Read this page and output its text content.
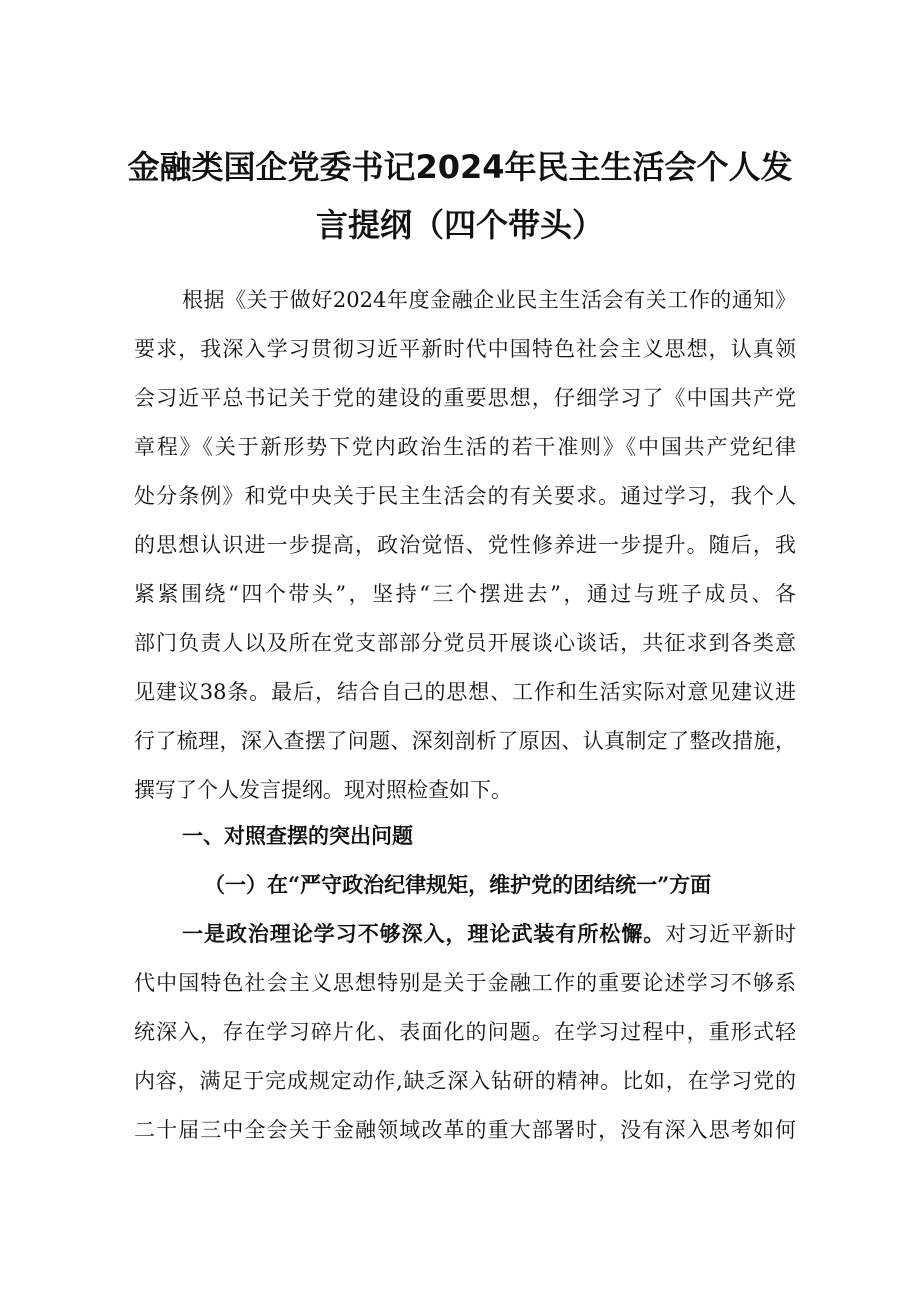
金融类国企党委书记2024年民主生活会个人发
言提纲（四个带头）
根据《关于做好2024年度金融企业民主生活会有关工作的通知》
要求，我深入学习贯彻习近平新时代中国特色社会主义思想，认真领
会习近平总书记关于党的建设的重要思想，仔细学习了《中国共产党
章程》《关于新形势下党内政治生活的若干准则》《中国共产党纪律
处分条例》和党中央关于民主生活会的有关要求。通过学习，我个人
的思想认识进一步提高，政治觉悟、党性修养进一步提升。随后，我
紧紧围绕“四个带头”，坚持“三个摆进去”，通过与班子成员、各
部门负责人以及所在党支部部分党员开展谈心谈话，共征求到各类意
见建议38条。最后，结合自己的思想、工作和生活实际对意见建议进
行了梳理，深入查摆了问题、深刻剖析了原因、认真制定了整改措施，
撰写了个人发言提纲。现对照检查如下。
一、对照查摆的突出问题
（一）在“严守政治纪律规矩，维护党的团结统一”方面
一是政治理论学习不够深入，理论武装有所松懈。对习近平新时
代中国特色社会主义思想特别是关于金融工作的重要论述学习不够系
统深入，存在学习碎片化、表面化的问题。在学习过程中，重形式轻
内容，满足于完成规定动作,缺乏深入钻研的精神。比如，在学习党的
二十届三中全会关于金融领域改革的重大部署时，没有深入思考如何
